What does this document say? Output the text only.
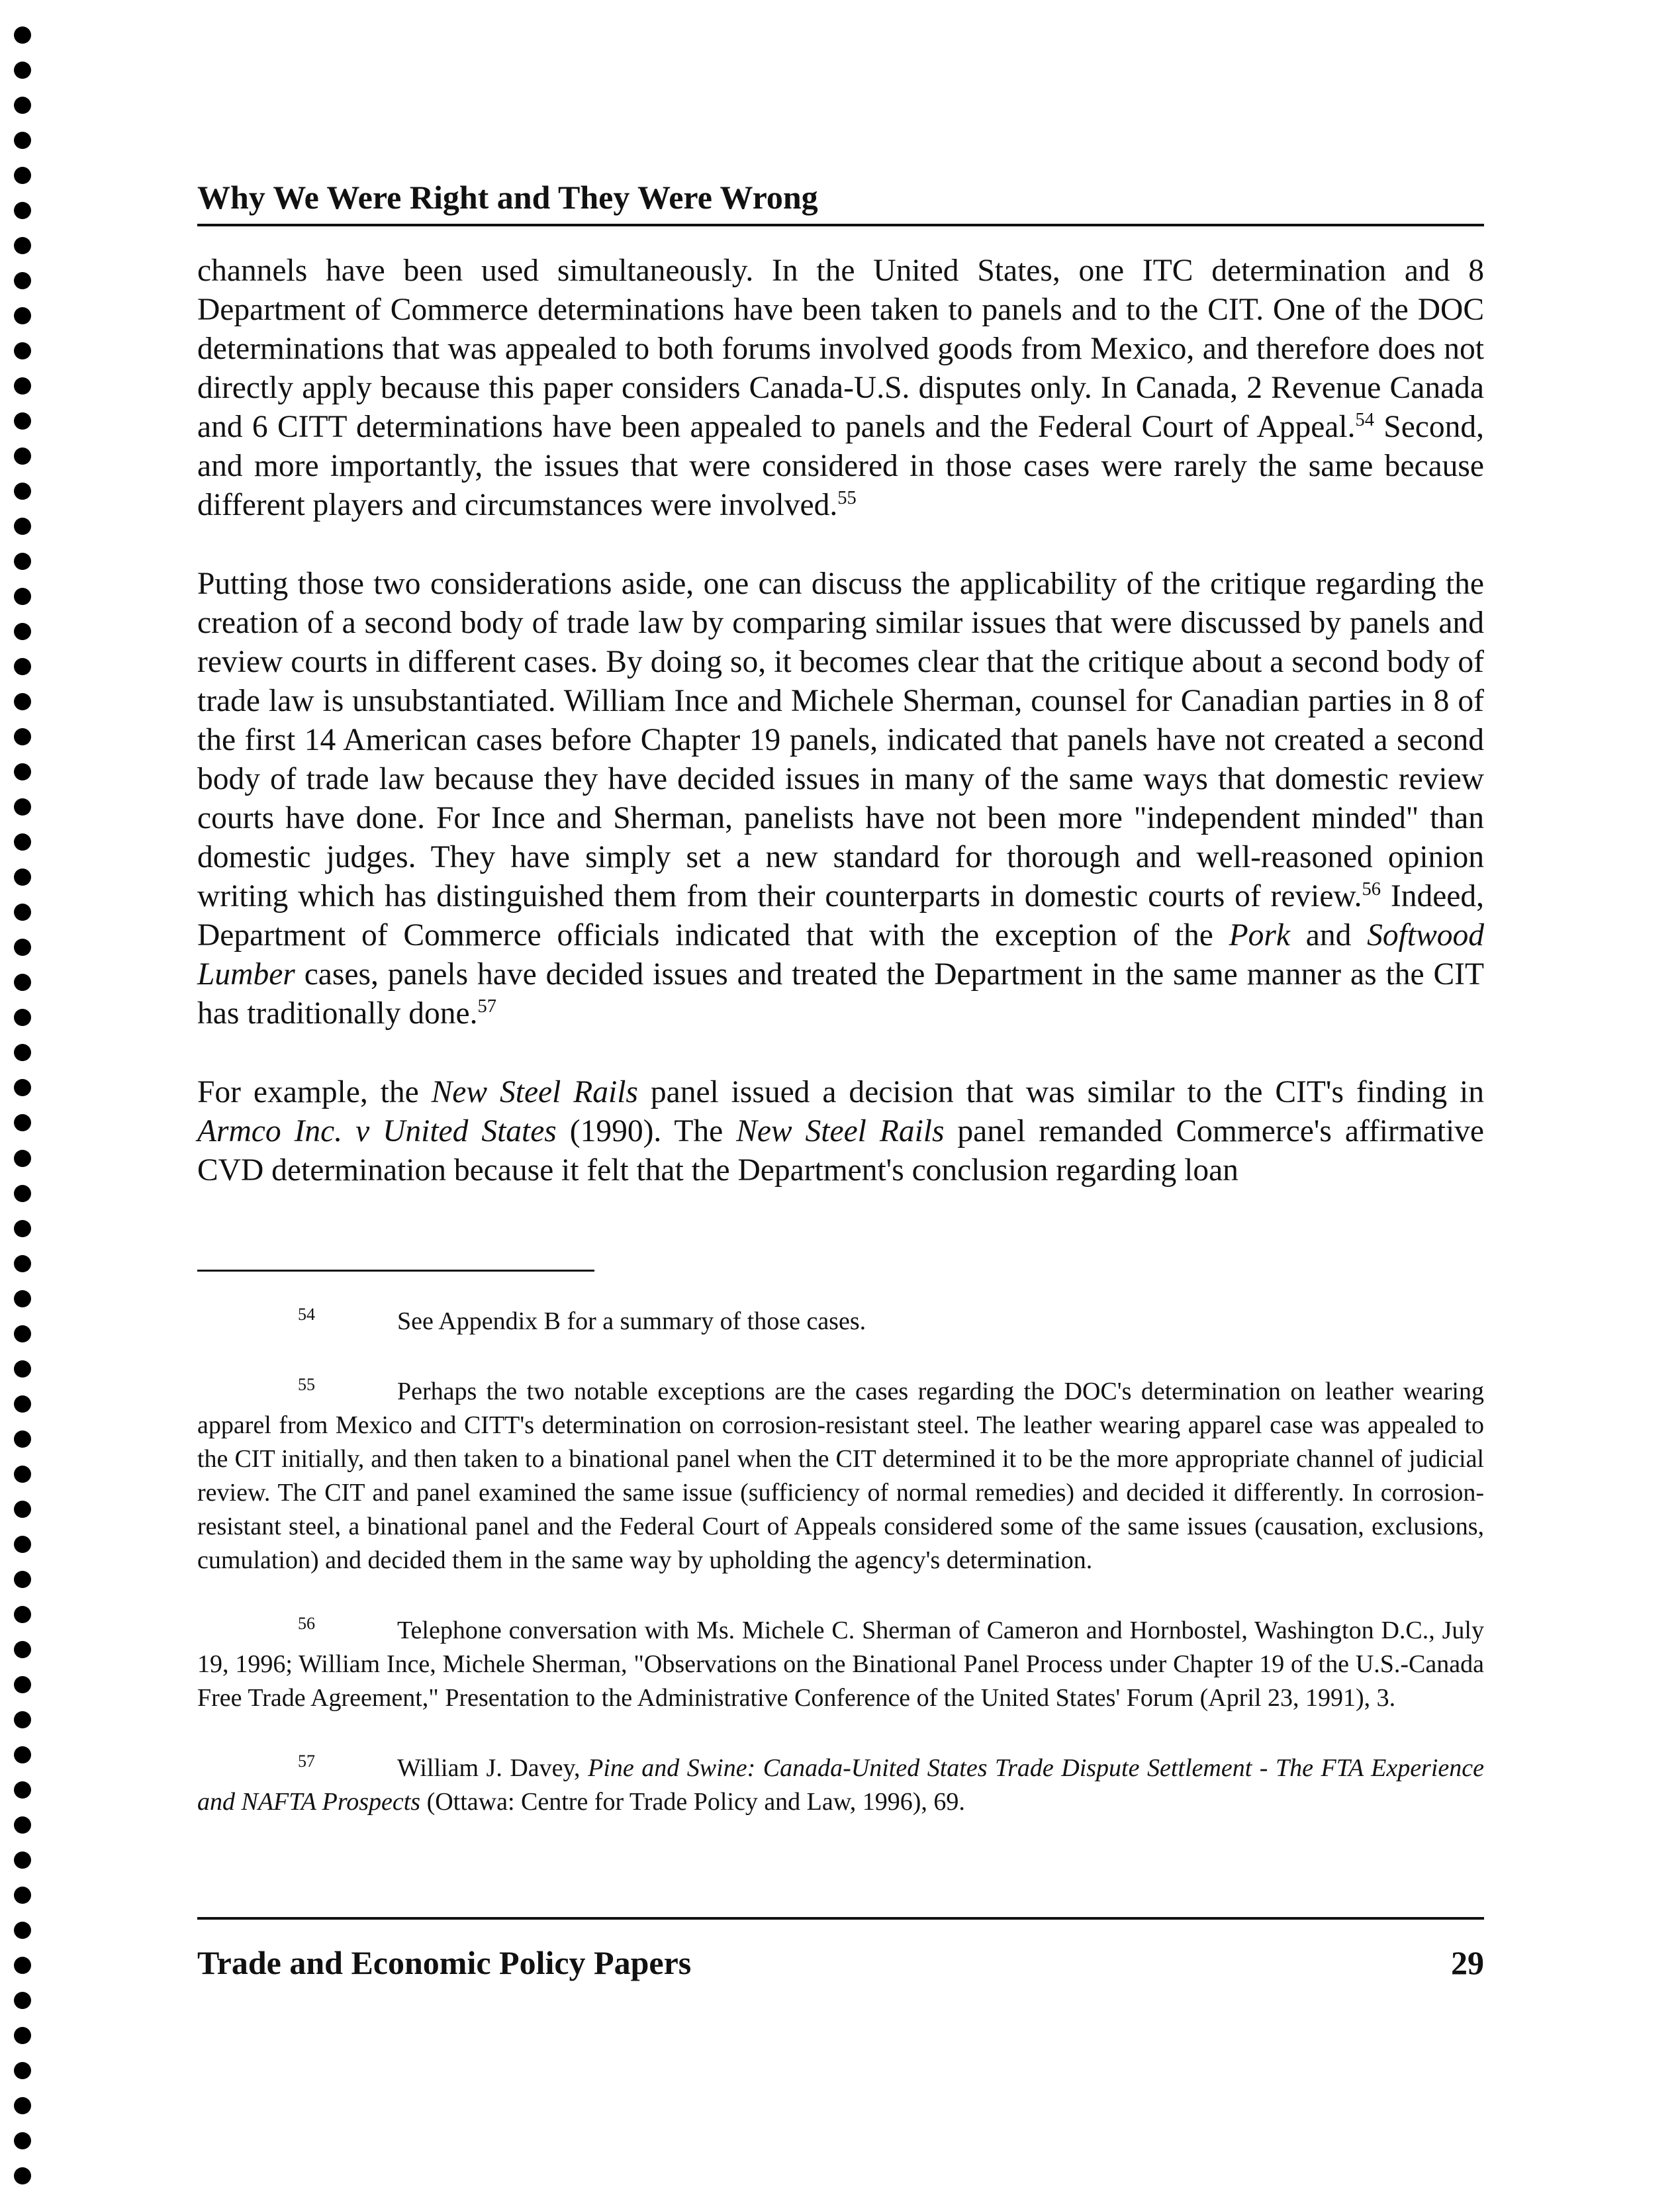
Why We Were Right and They Were Wrong

channels have been used simultaneously. In the United States, one ITC determination and 8 Department of Commerce determinations have been taken to panels and to the CIT. One of the DOC determinations that was appealed to both forums involved goods from Mexico, and therefore does not directly apply because this paper considers Canada-U.S. disputes only. In Canada, 2 Revenue Canada and 6 CITT determinations have been appealed to panels and the Federal Court of Appeal.$^{54}$ Second, and more importantly, the issues that were considered in those cases were rarely the same because different players and circumstances were involved.$^{55}$

Putting those two considerations aside, one can discuss the applicability of the critique regarding the creation of a second body of trade law by comparing similar issues that were discussed by panels and review courts in different cases. By doing so, it becomes clear that the critique about a second body of trade law is unsubstantiated. William Ince and Michele Sherman, counsel for Canadian parties in 8 of the first 14 American cases before Chapter 19 panels, indicated that panels have not created a second body of trade law because they have decided issues in many of the same ways that domestic review courts have done. For Ince and Sherman, panelists have not been more "independent minded" than domestic judges. They have simply set a new standard for thorough and well-reasoned opinion writing which has distinguished them from their counterparts in domestic courts of review.$^{56}$ Indeed, Department of Commerce officials indicated that with the exception of the Pork and Softwood Lumber cases, panels have decided issues and treated the Department in the same manner as the CIT has traditionally done.$^{57}$

For example, the New Steel Rails panel issued a decision that was similar to the CIT's finding in Armco Inc. v United States (1990). The New Steel Rails panel remanded Commerce's affirmative CVD determination because it felt that the Department's conclusion regarding loan

54	See Appendix B for a summary of those cases.

55	Perhaps the two notable exceptions are the cases regarding the DOC's determination on leather wearing apparel from Mexico and CITT's determination on corrosion-resistant steel. The leather wearing apparel case was appealed to the CIT initially, and then taken to a binational panel when the CIT determined it to be the more appropriate channel of judicial review. The CIT and panel examined the same issue (sufficiency of normal remedies) and decided it differently. In corrosion-resistant steel, a binational panel and the Federal Court of Appeals considered some of the same issues (causation, exclusions, cumulation) and decided them in the same way by upholding the agency's determination.

56	Telephone conversation with Ms. Michele C. Sherman of Cameron and Hornbostel, Washington D.C., July 19, 1996; William Ince, Michele Sherman, "Observations on the Binational Panel Process under Chapter 19 of the U.S.-Canada Free Trade Agreement," Presentation to the Administrative Conference of the United States' Forum (April 23, 1991), 3.

57	William J. Davey, Pine and Swine: Canada-United States Trade Dispute Settlement - The FTA Experience and NAFTA Prospects (Ottawa: Centre for Trade Policy and Law, 1996), 69.

Trade and Economic Policy Papers	29
